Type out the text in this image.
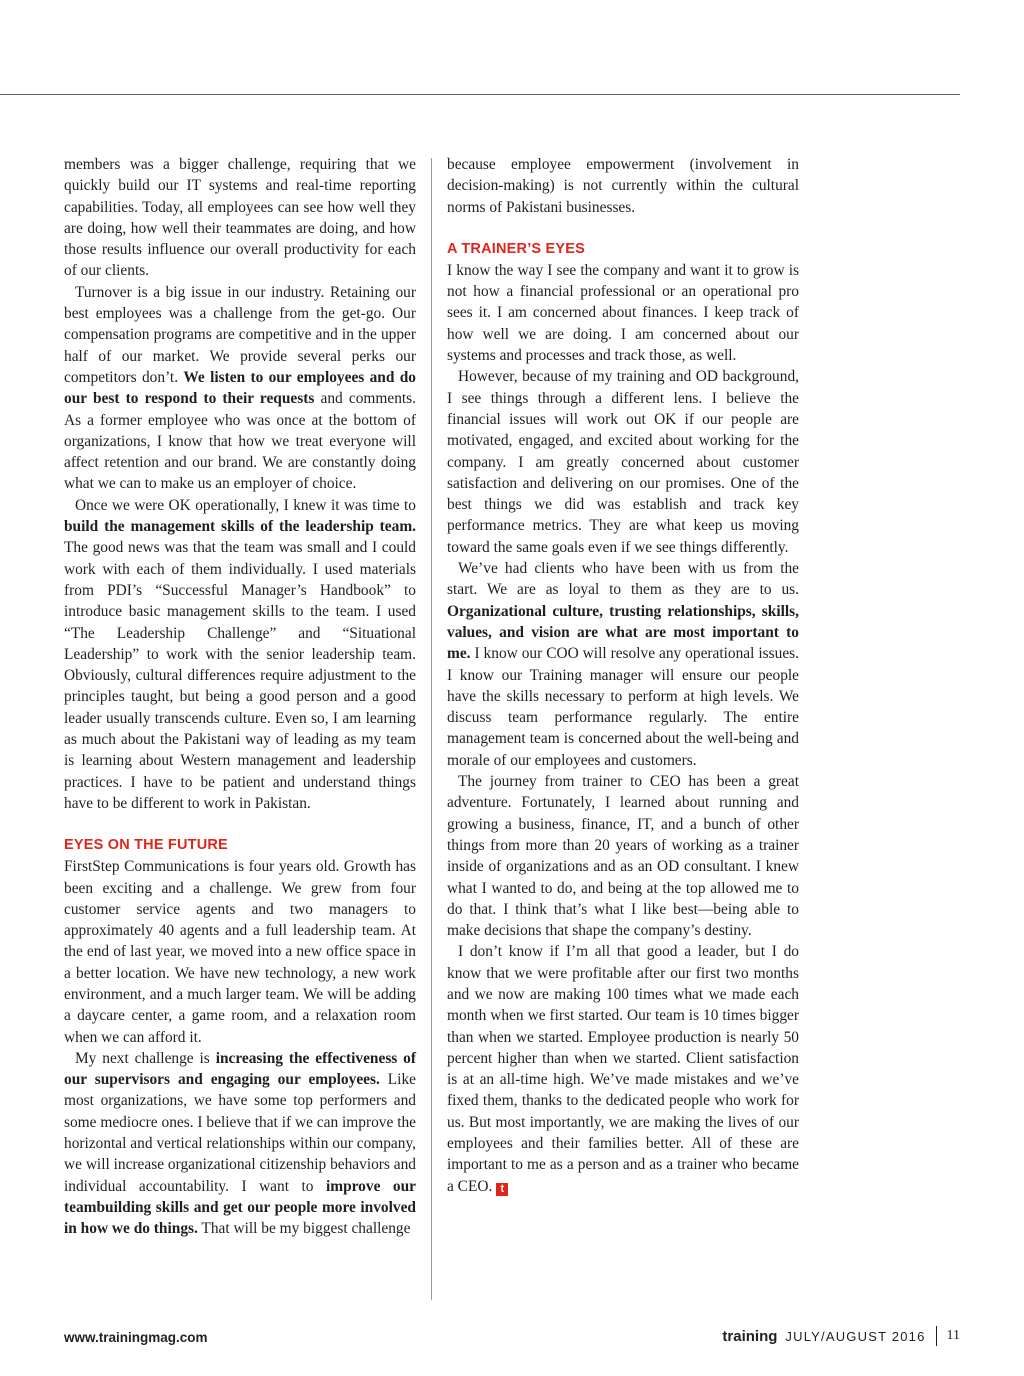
members was a bigger challenge, requiring that we quickly build our IT systems and real-time reporting capabilities. Today, all employees can see how well they are doing, how well their teammates are doing, and how those results influence our overall productivity for each of our clients.

Turnover is a big issue in our industry. Retaining our best employees was a challenge from the get-go. Our compensation programs are competitive and in the upper half of our market. We provide several perks our competitors don’t. We listen to our employees and do our best to respond to their requests and comments. As a former employee who was once at the bottom of organizations, I know that how we treat everyone will affect retention and our brand. We are constantly doing what we can to make us an employer of choice.

Once we were OK operationally, I knew it was time to build the management skills of the leadership team. The good news was that the team was small and I could work with each of them individually. I used materials from PDI’s “Successful Manager’s Handbook” to introduce basic management skills to the team. I used “The Leadership Challenge” and “Situational Leadership” to work with the senior leadership team. Obviously, cultural differences require adjustment to the principles taught, but being a good person and a good leader usually transcends culture. Even so, I am learning as much about the Pakistani way of leading as my team is learning about Western management and leadership practices. I have to be patient and understand things have to be different to work in Pakistan.

EYES ON THE FUTURE

FirstStep Communications is four years old. Growth has been exciting and a challenge. We grew from four customer service agents and two managers to approximately 40 agents and a full leadership team. At the end of last year, we moved into a new office space in a better location. We have new technology, a new work environment, and a much larger team. We will be adding a daycare center, a game room, and a relaxation room when we can afford it.

My next challenge is increasing the effectiveness of our supervisors and engaging our employees. Like most organizations, we have some top performers and some mediocre ones. I believe that if we can improve the horizontal and vertical relationships within our company, we will increase organizational citizenship behaviors and individual accountability. I want to improve our teambuilding skills and get our people more involved in how we do things. That will be my biggest challenge

because employee empowerment (involvement in decision-making) is not currently within the cultural norms of Pakistani businesses.

A TRAINER’S EYES

I know the way I see the company and want it to grow is not how a financial professional or an operational pro sees it. I am concerned about finances. I keep track of how well we are doing. I am concerned about our systems and processes and track those, as well.

However, because of my training and OD background, I see things through a different lens. I believe the financial issues will work out OK if our people are motivated, engaged, and excited about working for the company. I am greatly concerned about customer satisfaction and delivering on our promises. One of the best things we did was establish and track key performance metrics. They are what keep us moving toward the same goals even if we see things differently.

We’ve had clients who have been with us from the start. We are as loyal to them as they are to us. Organizational culture, trusting relationships, skills, values, and vision are what are most important to me. I know our COO will resolve any operational issues. I know our Training manager will ensure our people have the skills necessary to perform at high levels. We discuss team performance regularly. The entire management team is concerned about the well-being and morale of our employees and customers.

The journey from trainer to CEO has been a great adventure. Fortunately, I learned about running and growing a business, finance, IT, and a bunch of other things from more than 20 years of working as a trainer inside of organizations and as an OD consultant. I knew what I wanted to do, and being at the top allowed me to do that. I think that’s what I like best—being able to make decisions that shape the company’s destiny.

I don’t know if I’m all that good a leader, but I do know that we were profitable after our first two months and we now are making 100 times what we made each month when we first started. Our team is 10 times bigger than when we started. Employee production is nearly 50 percent higher than when we started. Client satisfaction is at an all-time high. We’ve made mistakes and we’ve fixed them, thanks to the dedicated people who work for us. But most importantly, we are making the lives of our employees and their families better. All of these are important to me as a person and as a trainer who became a CEO. t

www.trainingmag.com	training JULY/AUGUST 2016 11
